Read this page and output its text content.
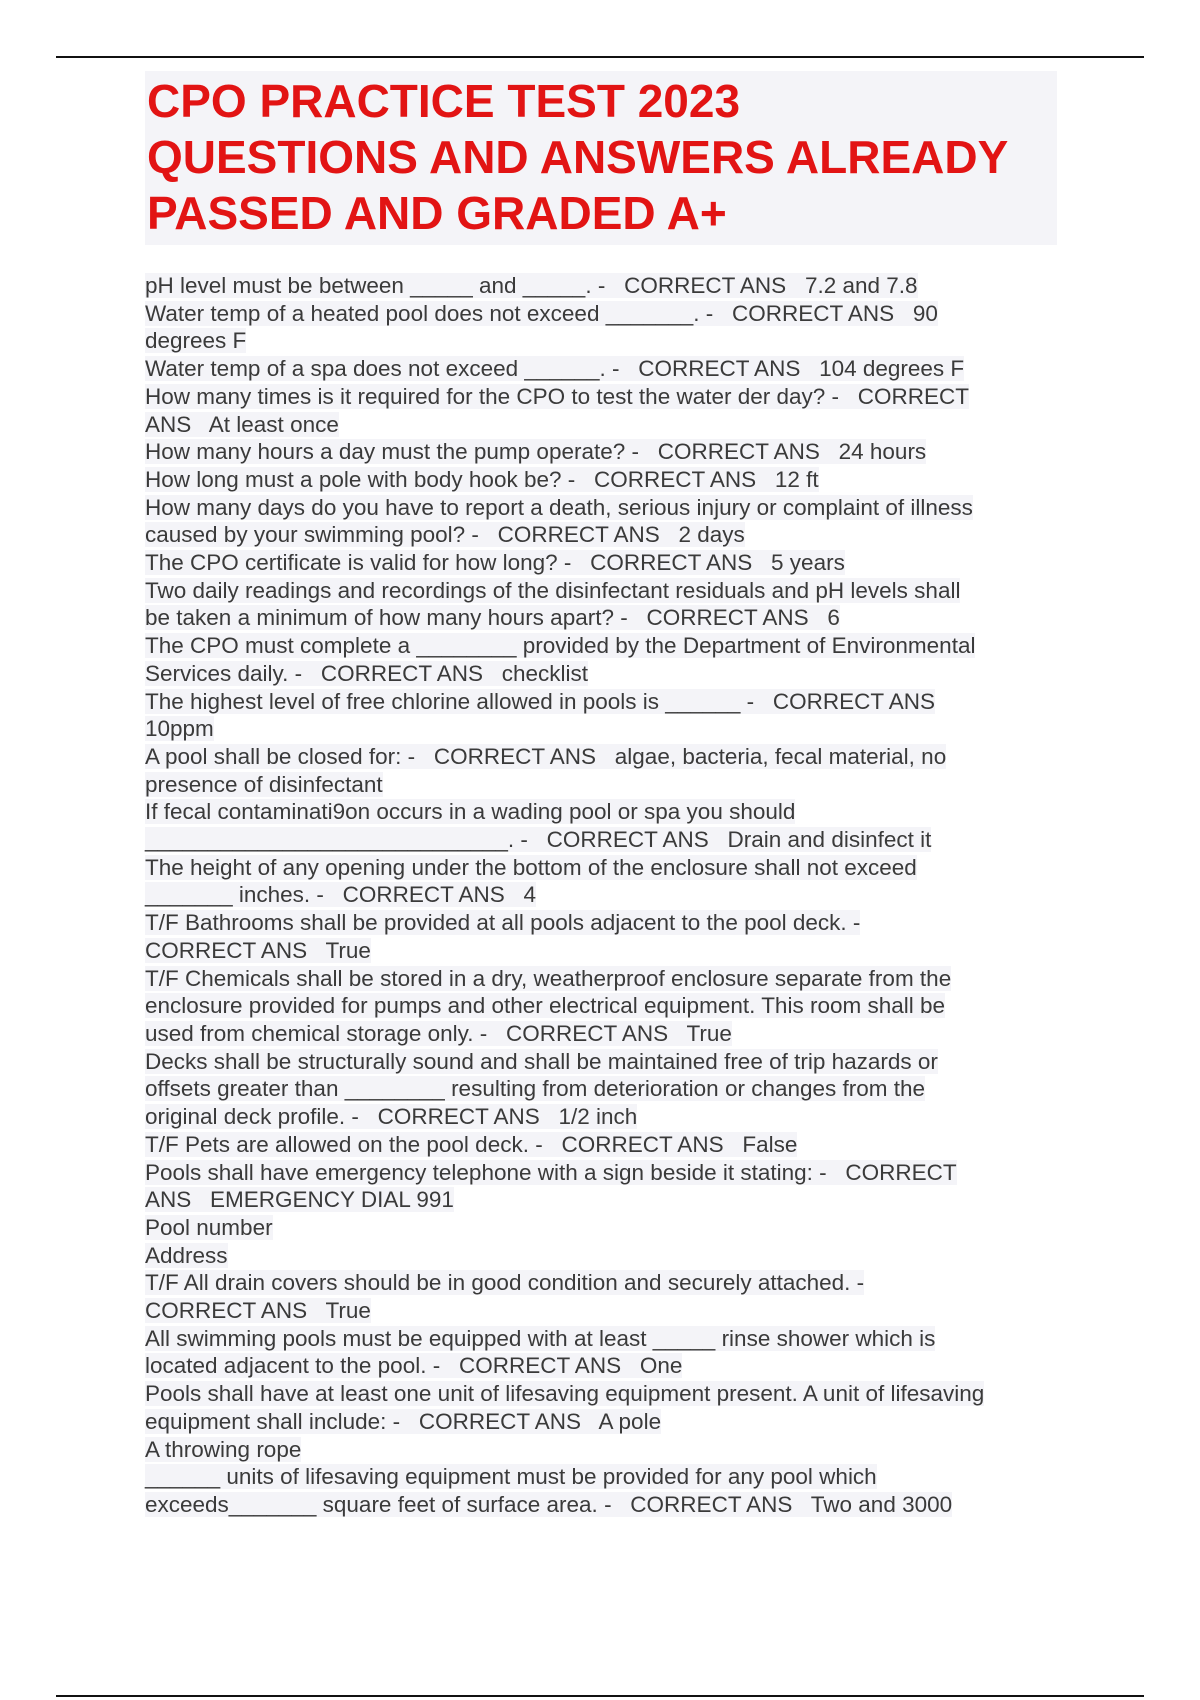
CPO PRACTICE TEST 2023
QUESTIONS AND ANSWERS ALREADY
PASSED AND GRADED A+
pH level must be between _____ and _____. -   CORRECT ANS   7.2 and 7.8
Water temp of a heated pool does not exceed _______. -   CORRECT ANS   90
degrees F
Water temp of a spa does not exceed ______. -   CORRECT ANS   104 degrees F
How many times is it required for the CPO to test the water der day? -   CORRECT
ANS   At least once
How many hours a day must the pump operate? -   CORRECT ANS   24 hours
How long must a pole with body hook be? -   CORRECT ANS   12 ft
How many days do you have to report a death, serious injury or complaint of illness
caused by your swimming pool? -   CORRECT ANS   2 days
The CPO certificate is valid for how long? -   CORRECT ANS   5 years
Two daily readings and recordings of the disinfectant residuals and pH levels shall
be taken a minimum of how many hours apart? -   CORRECT ANS   6
The CPO must complete a ________ provided by the Department of Environmental
Services daily. -   CORRECT ANS   checklist
The highest level of free chlorine allowed in pools is ______ -   CORRECT ANS
10ppm
A pool shall be closed for: -   CORRECT ANS   algae, bacteria, fecal material, no
presence of disinfectant
If fecal contaminati9on occurs in a wading pool or spa you should
_____________________________. -   CORRECT ANS   Drain and disinfect it
The height of any opening under the bottom of the enclosure shall not exceed
_______ inches. -   CORRECT ANS   4
T/F Bathrooms shall be provided at all pools adjacent to the pool deck. -
CORRECT ANS   True
T/F Chemicals shall be stored in a dry, weatherproof enclosure separate from the
enclosure provided for pumps and other electrical equipment. This room shall be
used from chemical storage only. -   CORRECT ANS   True
Decks shall be structurally sound and shall be maintained free of trip hazards or
offsets greater than ________ resulting from deterioration or changes from the
original deck profile. -   CORRECT ANS   1/2 inch
T/F Pets are allowed on the pool deck. -   CORRECT ANS   False
Pools shall have emergency telephone with a sign beside it stating: -   CORRECT
ANS   EMERGENCY DIAL 991
Pool number
Address
T/F All drain covers should be in good condition and securely attached. -
CORRECT ANS   True
All swimming pools must be equipped with at least _____ rinse shower which is
located adjacent to the pool. -   CORRECT ANS   One
Pools shall have at least one unit of lifesaving equipment present. A unit of lifesaving
equipment shall include: -   CORRECT ANS   A pole
A throwing rope
______ units of lifesaving equipment must be provided for any pool which
exceeds_______ square feet of surface area. -   CORRECT ANS   Two and 3000
